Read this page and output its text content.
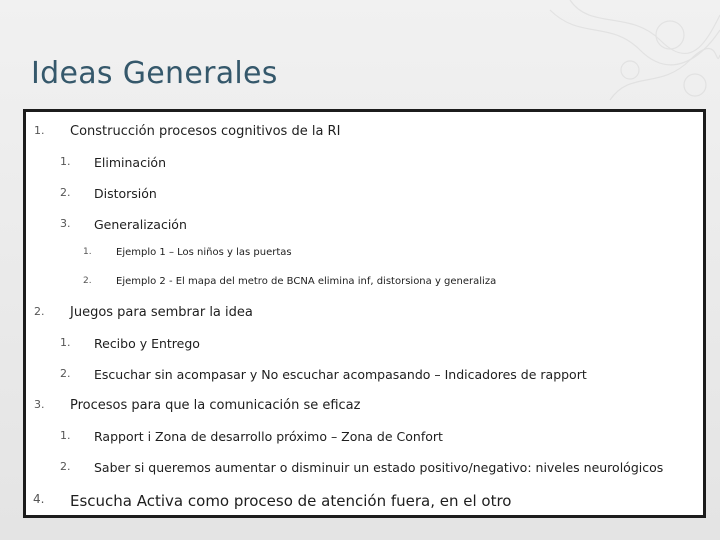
Ideas Generales
1. Construcción procesos cognitivos de la RI
1. Eliminación
2. Distorsión
3. Generalización
1. Ejemplo 1 – Los niños y las puertas
2. Ejemplo 2 - El mapa del metro de BCNA elimina inf, distorsiona y generaliza
2. Juegos para sembrar la idea
1. Recibo y Entrego
2. Escuchar sin acompasar y No escuchar acompasando – Indicadores de rapport
3. Procesos para que la comunicación se eficaz
1. Rapport i Zona de desarrollo próximo – Zona de Confort
2. Saber si queremos aumentar o disminuir un estado positivo/negativo: niveles neurológicos
4. Escucha Activa como proceso de atención fuera, en el otro
